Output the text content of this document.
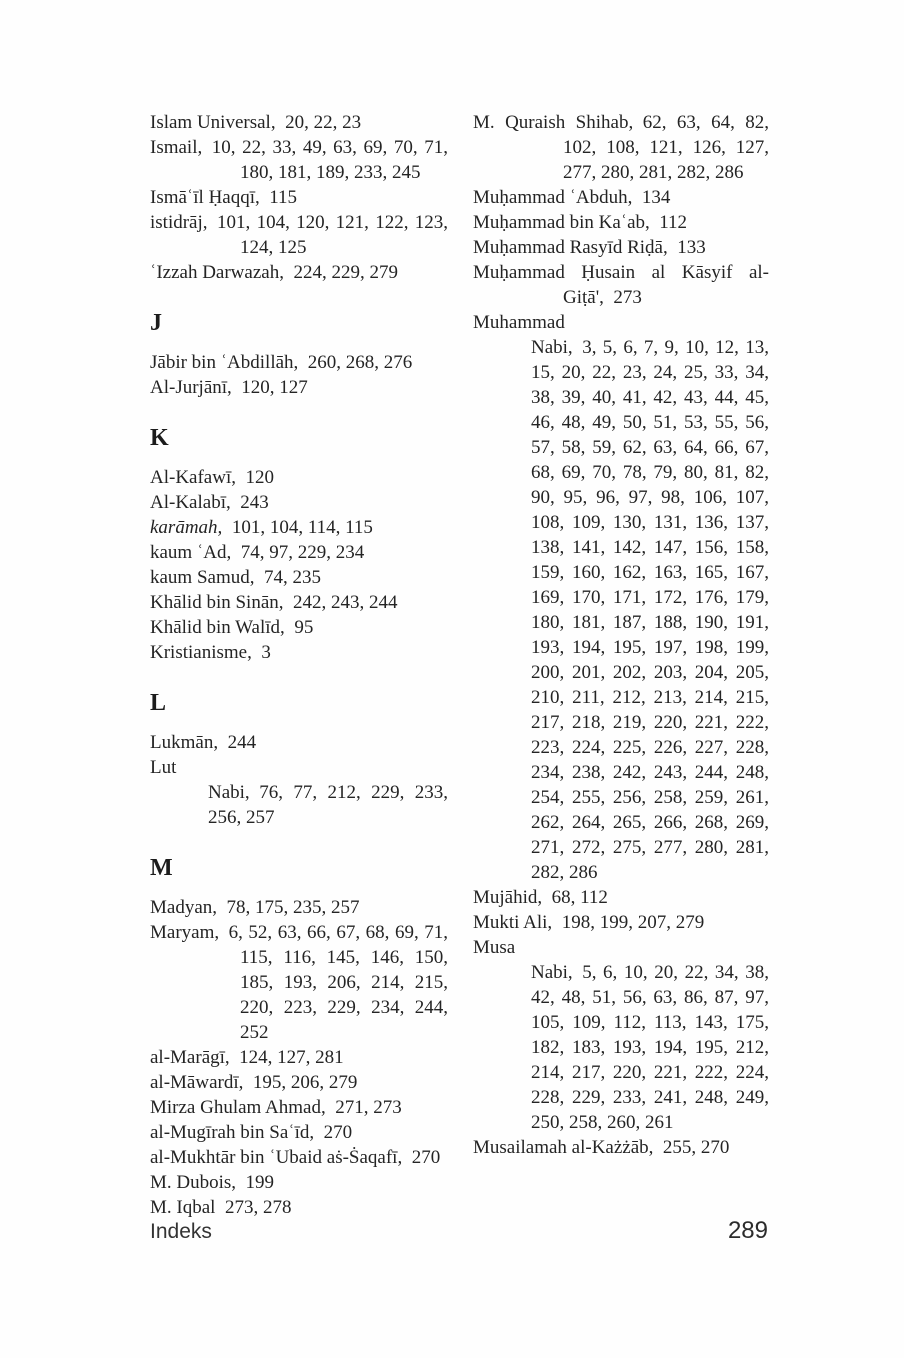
Islam Universal, 20, 22, 23
Ismail, 10, 22, 33, 49, 63, 69, 70, 71, 180, 181, 189, 233, 245
Ismāʿīl Ḥaqqī, 115
istidrāj, 101, 104, 120, 121, 122, 123, 124, 125
ʿIzzah Darwazah, 224, 229, 279
J
Jābir bin ʿAbdillāh, 260, 268, 276
Al-Jurjānī, 120, 127
K
Al-Kafawī, 120
Al-Kalabī, 243
karāmah, 101, 104, 114, 115
kaum ʿAd, 74, 97, 229, 234
kaum Samud, 74, 235
Khālid bin Sinān, 242, 243, 244
Khālid bin Walīd, 95
Kristianisme, 3
L
Lukmān, 244
Lut
Nabi, 76, 77, 212, 229, 233, 256, 257
M
Madyan, 78, 175, 235, 257
Maryam, 6, 52, 63, 66, 67, 68, 69, 71, 115, 116, 145, 146, 150, 185, 193, 206, 214, 215, 220, 223, 229, 234, 244, 252
al-Marāgī, 124, 127, 281
al-Māwardī, 195, 206, 279
Mirza Ghulam Ahmad, 271, 273
al-Mugīrah bin Saʿīd, 270
al-Mukhtār bin ʿUbaid aṡ-Ṡaqafī, 270
M. Dubois, 199
M. Iqbal 273, 278
M. Quraish Shihab, 62, 63, 64, 82, 102, 108, 121, 126, 127, 277, 280, 281, 282, 286
Muḥammad ʿAbduh, 134
Muḥammad bin Kaʿab, 112
Muḥammad Rasyīd Riḍā, 133
Muḥammad Ḥusain al Kāsyif al-Giṭā', 273
Muhammad
Nabi, 3, 5, 6, 7, 9, 10, 12, 13, 15, 20, 22, 23, 24, 25, 33, 34, 38, 39, 40, 41, 42, 43, 44, 45, 46, 48, 49, 50, 51, 53, 55, 56, 57, 58, 59, 62, 63, 64, 66, 67, 68, 69, 70, 78, 79, 80, 81, 82, 90, 95, 96, 97, 98, 106, 107, 108, 109, 130, 131, 136, 137, 138, 141, 142, 147, 156, 158, 159, 160, 162, 163, 165, 167, 169, 170, 171, 172, 176, 179, 180, 181, 187, 188, 190, 191, 193, 194, 195, 197, 198, 199, 200, 201, 202, 203, 204, 205, 210, 211, 212, 213, 214, 215, 217, 218, 219, 220, 221, 222, 223, 224, 225, 226, 227, 228, 234, 238, 242, 243, 244, 248, 254, 255, 256, 258, 259, 261, 262, 264, 265, 266, 268, 269, 271, 272, 275, 277, 280, 281, 282, 286
Mujāhid, 68, 112
Mukti Ali, 198, 199, 207, 279
Musa
Nabi, 5, 6, 10, 20, 22, 34, 38, 42, 48, 51, 56, 63, 86, 87, 97, 105, 109, 112, 113, 143, 175, 182, 183, 193, 194, 195, 212, 214, 217, 220, 221, 222, 224, 228, 229, 233, 241, 248, 249, 250, 258, 260, 261
Musailamah al-Każżāb, 255, 270
Indeks	289
